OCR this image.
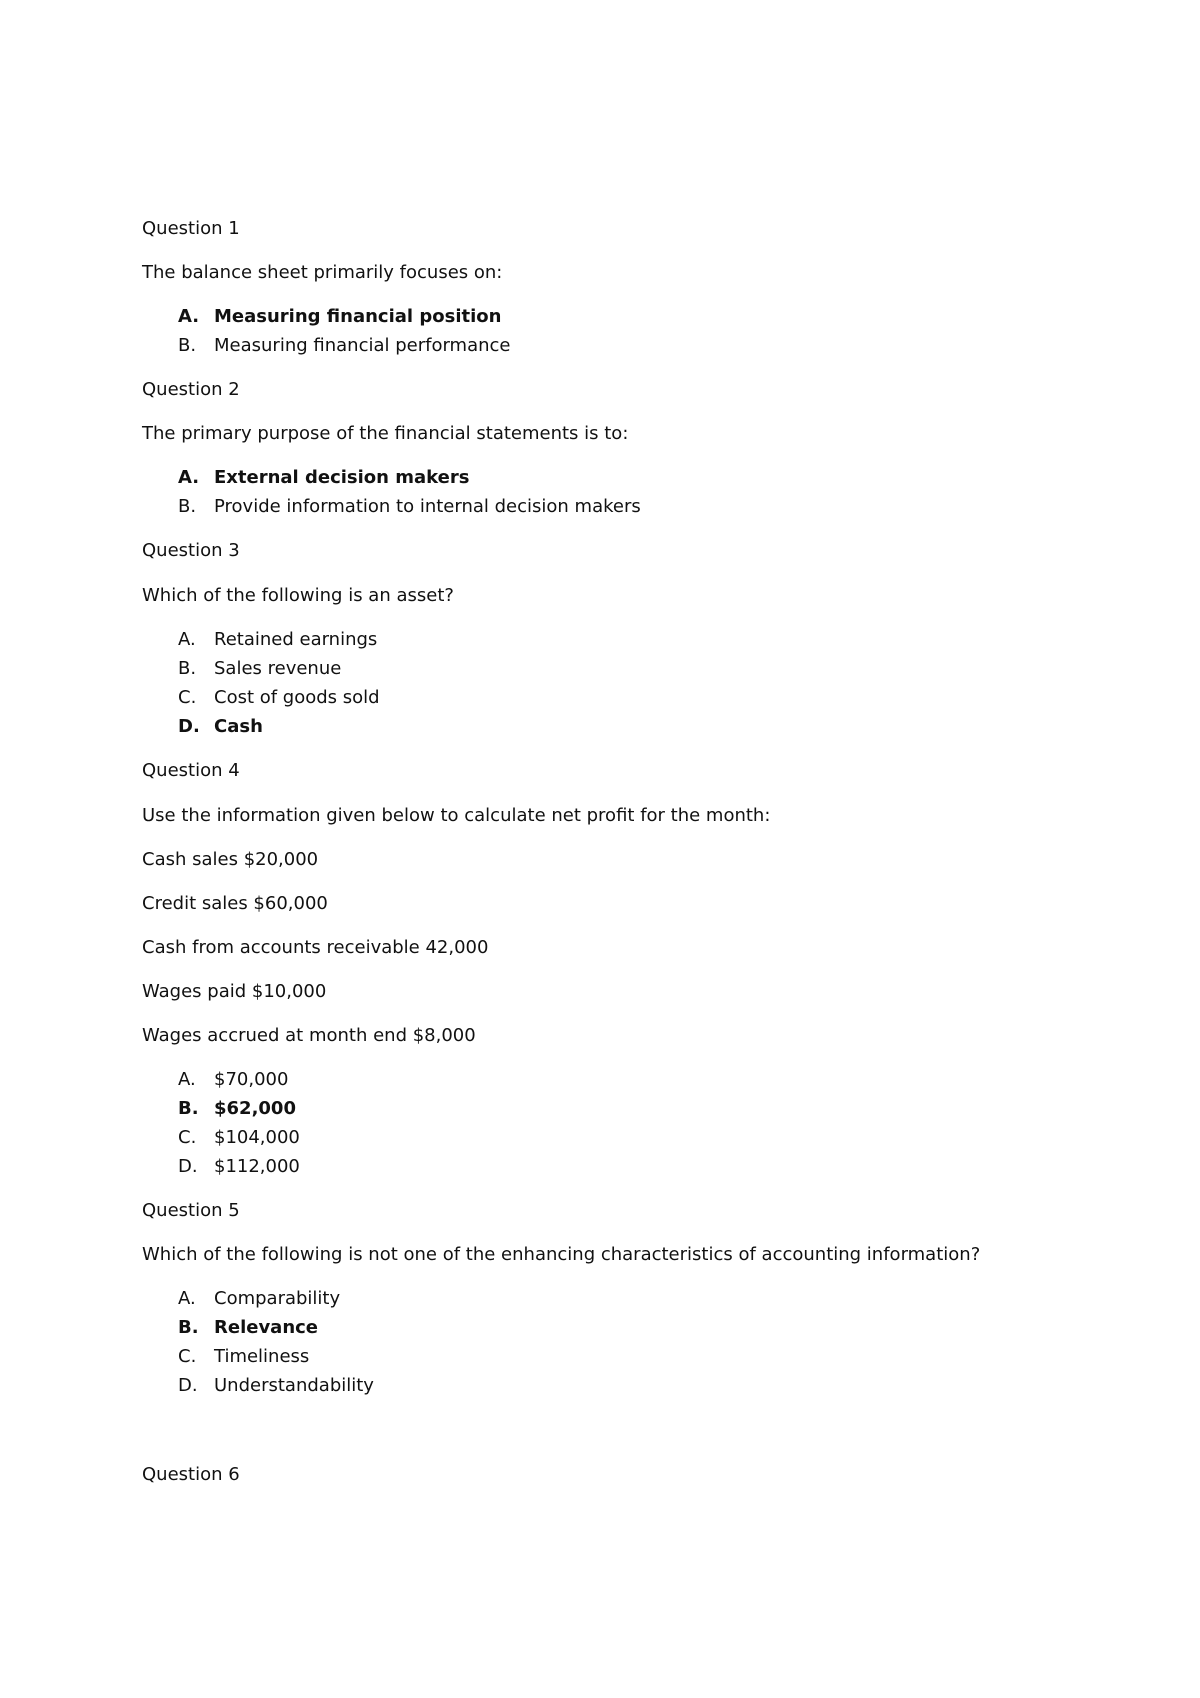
Question 1
The balance sheet primarily focuses on:
A. Measuring financial position
B. Measuring financial performance
Question 2
The primary purpose of the financial statements is to:
A. External decision makers
B. Provide information to internal decision makers
Question 3
Which of the following is an asset?
A. Retained earnings
B. Sales revenue
C. Cost of goods sold
D. Cash
Question 4
Use the information given below to calculate net profit for the month:
Cash sales $20,000
Credit sales $60,000
Cash from accounts receivable 42,000
Wages paid $10,000
Wages accrued at month end $8,000
A. $70,000
B. $62,000
C. $104,000
D. $112,000
Question 5
Which of the following is not one of the enhancing characteristics of accounting information?
A. Comparability
B. Relevance
C. Timeliness
D. Understandability
Question 6
